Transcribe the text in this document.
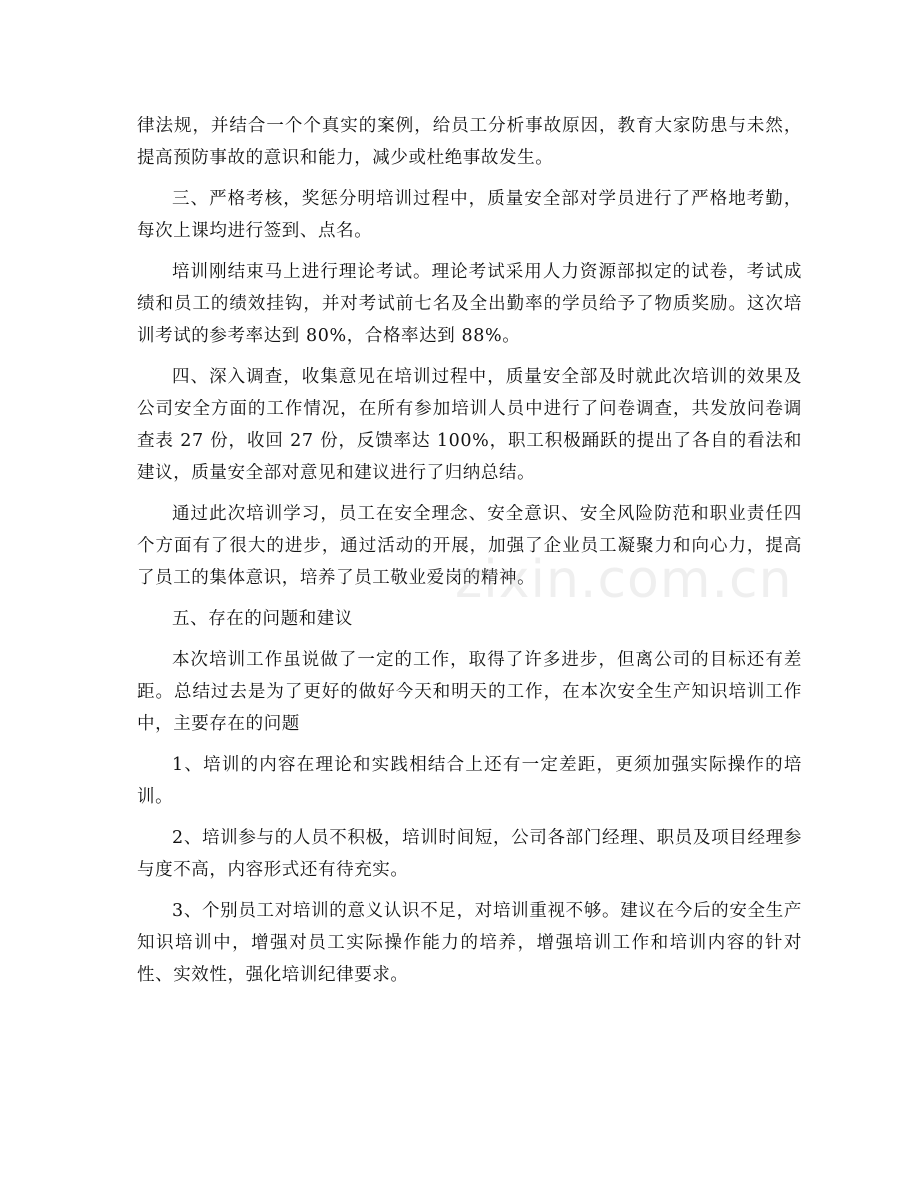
律法规，并结合一个个真实的案例，给员工分析事故原因，教育大家防患与未然，提高预防事故的意识和能力，减少或杜绝事故发生。

三、严格考核，奖惩分明培训过程中，质量安全部对学员进行了严格地考勤，每次上课均进行签到、点名。

培训刚结束马上进行理论考试。理论考试采用人力资源部拟定的试卷，考试成绩和员工的绩效挂钩，并对考试前七名及全出勤率的学员给予了物质奖励。这次培训考试的参考率达到 80%，合格率达到 88%。

四、深入调查，收集意见在培训过程中，质量安全部及时就此次培训的效果及公司安全方面的工作情况，在所有参加培训人员中进行了问卷调查，共发放问卷调查表 27 份，收回 27 份，反馈率达 100%，职工积极踊跃的提出了各自的看法和建议，质量安全部对意见和建议进行了归纳总结。

通过此次培训学习，员工在安全理念、安全意识、安全风险防范和职业责任四个方面有了很大的进步，通过活动的开展，加强了企业员工凝聚力和向心力，提高了员工的集体意识，培养了员工敬业爱岗的精神。

五、存在的问题和建议

本次培训工作虽说做了一定的工作，取得了许多进步，但离公司的目标还有差距。总结过去是为了更好的做好今天和明天的工作，在本次安全生产知识培训工作中，主要存在的问题

1、培训的内容在理论和实践相结合上还有一定差距，更须加强实际操作的培训。

2、培训参与的人员不积极，培训时间短，公司各部门经理、职员及项目经理参与度不高，内容形式还有待充实。

3、个别员工对培训的意义认识不足，对培训重视不够。建议在今后的安全生产知识培训中，增强对员工实际操作能力的培养，增强培训工作和培训内容的针对性、实效性，强化培训纪律要求。

zixin.com.cn
